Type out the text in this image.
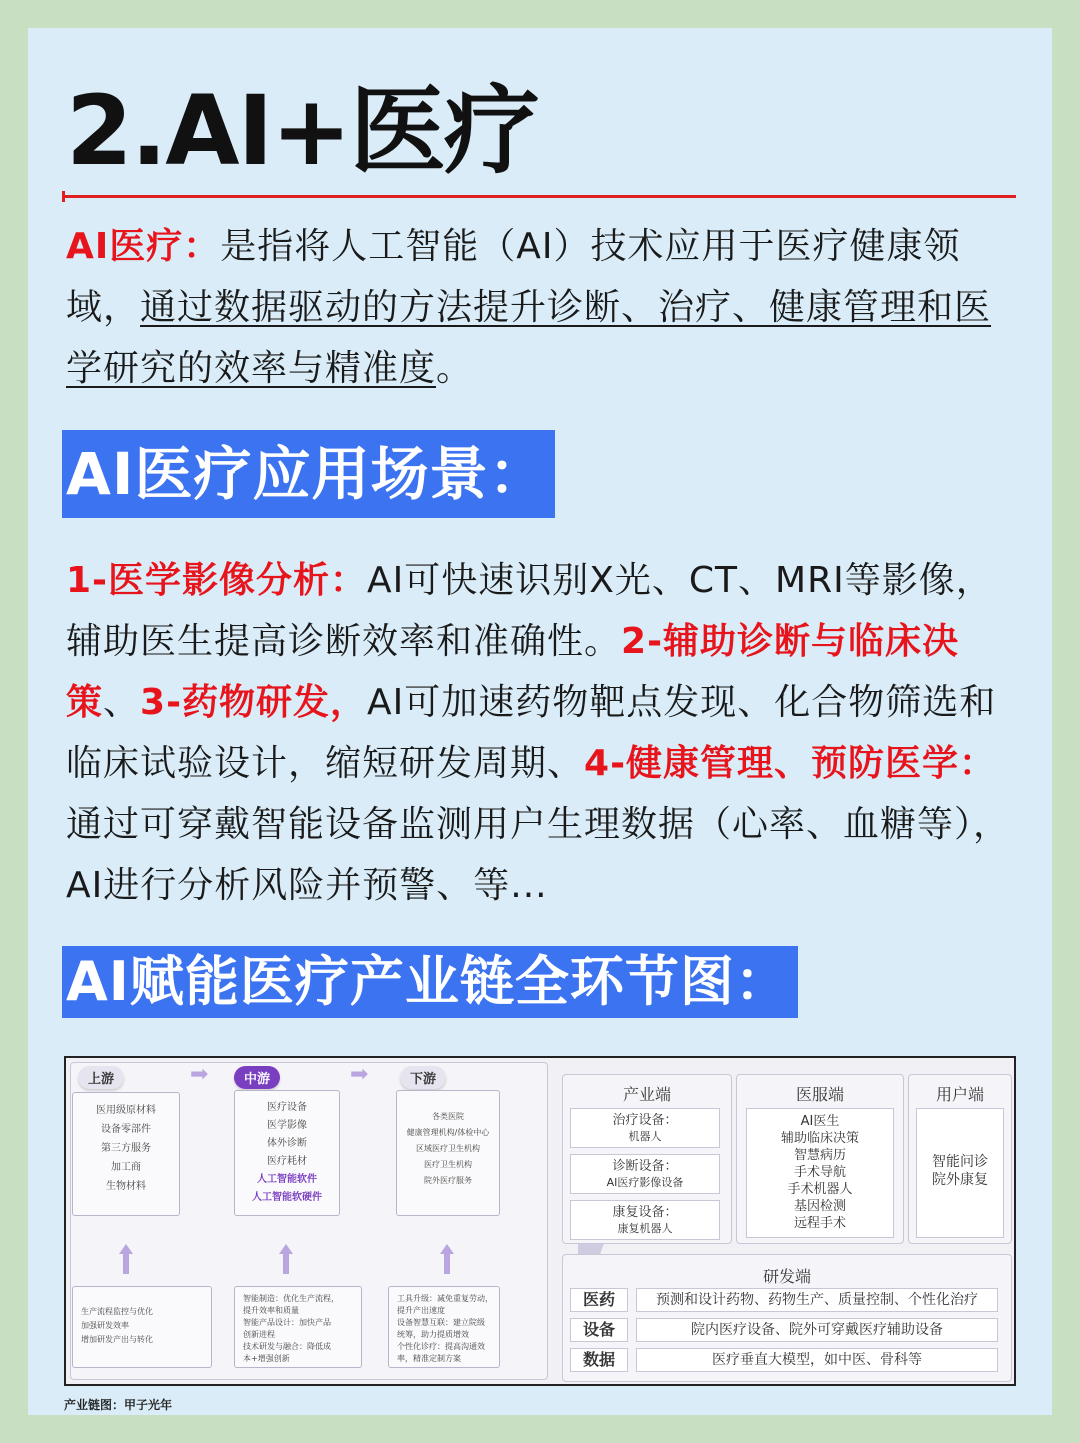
2.AI+医疗
AI医疗：是指将人工智能（AI）技术应用于医疗健康领域，通过数据驱动的方法提升诊断、治疗、健康管理和医学研究的效率与精准度。
AI医疗应用场景：
1-医学影像分析：AI可快速识别X光、CT、MRI等影像，辅助医生提高诊断效率和准确性。2-辅助诊断与临床决策、3-药物研发，AI可加速药物靶点发现、化合物筛选和临床试验设计，缩短研发周期、4-健康管理、预防医学：通过可穿戴智能设备监测用户生理数据（心率、血糖等），AI进行分析风险并预警、等...
AI赋能医疗产业链全环节图：
上游	➡	中游	➡	下游
医用级原材料
设备零部件
第三方服务
加工商
生物材料
医疗设备
医学影像
体外诊断
医疗耗材
人工智能软件
人工智能软硬件
各类医院
健康管理机构/体检中心
区域医疗卫生机构
医疗卫生机构
院外医疗服务
生产流程监控与优化
加强研发效率
增加研发产出与转化
智能制造：优化生产流程，
提升效率和质量
智能产品设计：加快产品
创新进程
技术研发与融合：降低成
本+增强创新
工具升级：减免重复劳动，
提升产出速度
设备智慧互联：建立院级
统筹，助力提质增效
个性化诊疗：提高沟通效
率，精准定制方案
产业端
治疗设备：
机器人
诊断设备：
AI医疗影像设备
康复设备：
康复机器人
医服端
AI医生
辅助临床决策
智慧病历
手术导航
手术机器人
基因检测
远程手术
用户端
智能问诊
院外康复
研发端
医药	预测和设计药物、药物生产、质量控制、个性化治疗
设备	院内医疗设备、院外可穿戴医疗辅助设备
数据	医疗垂直大模型，如中医、骨科等
产业链图：甲子光年
